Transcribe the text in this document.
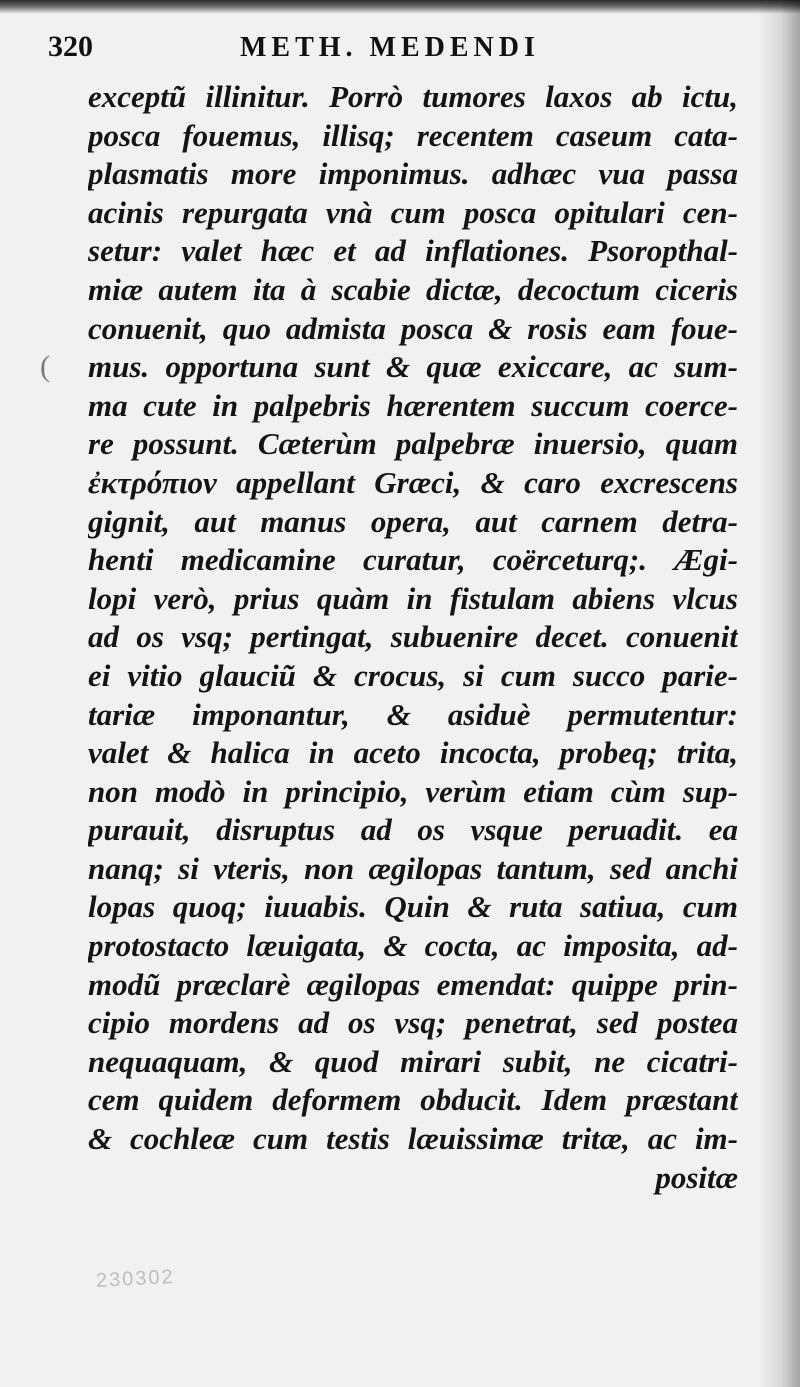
320	METH. MEDENDI
(
exceptũ illinitur. Porrò tumores laxos ab ictu,
posca fouemus, illisq; recentem caseum cata-
plasmatis more imponimus. adhæc vua passa
acinis repurgata vnà cum posca opitulari cen-
setur: valet hæc et ad inflationes. Psoropthal-
miæ autem ita à scabie dictæ, decoctum ciceris
conuenit, quo admista posca & rosis eam foue-
mus. opportuna sunt & quæ exiccare, ac sum-
ma cute in palpebris hærentem succum coerce-
re possunt. Cæterùm palpebræ inuersio, quam
ἐκτρόπιον appellant Græci, & caro excrescens
gignit, aut manus opera, aut carnem detra-
henti medicamine curatur, coërceturq;. Ægi-
lopi verò, prius quàm in fistulam abiens vlcus
ad os vsq; pertingat, subuenire decet. conuenit
ei vitio glauciũ & crocus, si cum succo parie-
tariæ imponantur, & asiduè permutentur:
valet & halica in aceto incocta, probeq; trita,
non modò in principio, verùm etiam cùm sup-
purauit, disruptus ad os vsque peruadit. ea
nanq; si vteris, non ægilopas tantum, sed anchi
lopas quoq; iuuabis. Quin & ruta satiua, cum
protostacto læuigata, & cocta, ac imposita, ad-
modũ præclarè ægilopas emendat: quippe prin-
cipio mordens ad os vsq; penetrat, sed postea
nequaquam, & quod mirari subit, ne cicatri-
cem quidem deformem obducit. Idem præstant
& cochleæ cum testis læuissimæ tritæ, ac im-
positæ
230302
